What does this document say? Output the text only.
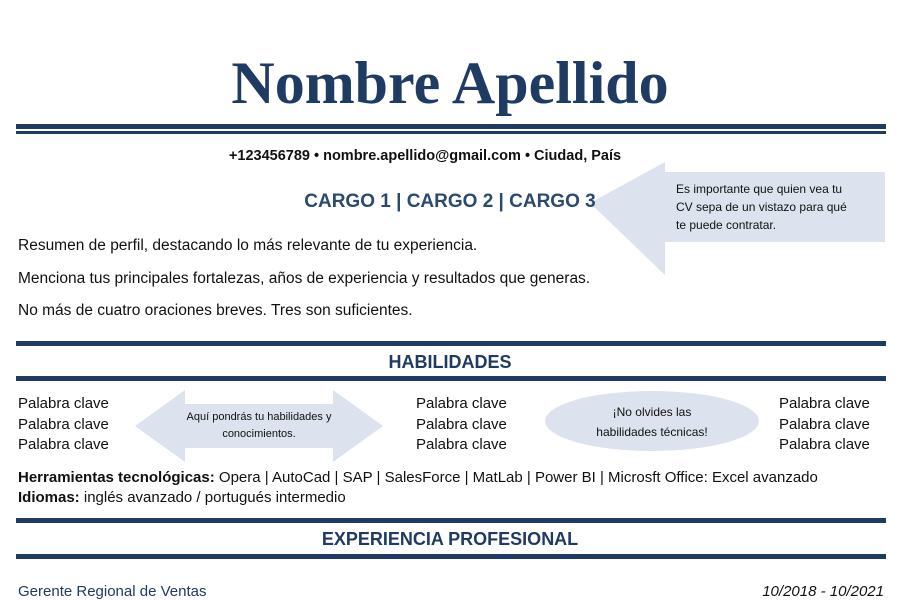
Nombre Apellido
+123456789 • nombre.apellido@gmail.com • Ciudad, País
CARGO 1 | CARGO 2 | CARGO 3
Es importante que quien vea tu
CV sepa de un vistazo para qué
te puede contratar.
Resumen de perfil, destacando lo más relevante de tu experiencia.
Menciona tus principales fortalezas, años de experiencia y resultados que generas.
No más de cuatro oraciones breves. Tres son suficientes.
HABILIDADES
Palabra clave
Palabra clave
Palabra clave
Palabra clave
Palabra clave
Palabra clave
Palabra clave
Palabra clave
Palabra clave
Aquí pondrás tu habilidades y
conocimientos.
¡No olvides las
habilidades técnicas!
Herramientas tecnológicas: Opera | AutoCad | SAP | SalesForce | MatLab | Power BI | Microsft Office: Excel avanzado
Idiomas: inglés avanzado / portugués intermedio
EXPERIENCIA PROFESIONAL
Gerente Regional de Ventas	10/2018 - 10/2021
